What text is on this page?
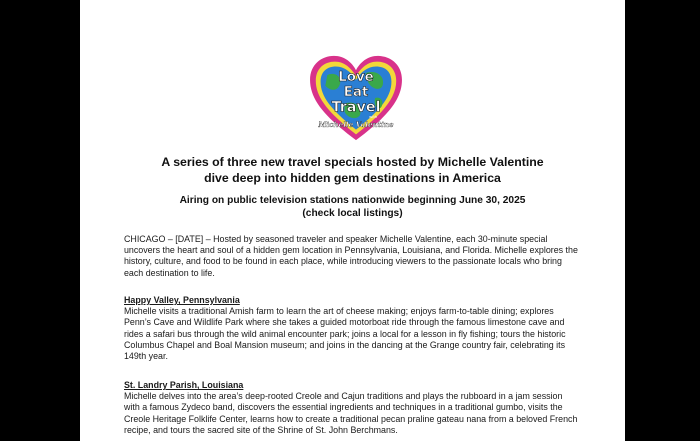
Love
Eat
Travel
with
Michelle Valentine
A series of three new travel specials hosted by Michelle Valentine
dive deep into hidden gem destinations in America
Airing on public television stations nationwide beginning June 30, 2025
(check local listings)
CHICAGO – [DATE] – Hosted by seasoned traveler and speaker Michelle Valentine, each 30-minute special uncovers the heart and soul of a hidden gem location in Pennsylvania, Louisiana, and Florida. Michelle explores the history, culture, and food to be found in each place, while introducing viewers to the passionate locals who bring each destination to life.
Happy Valley, Pennsylvania
Michelle visits a traditional Amish farm to learn the art of cheese making; enjoys farm-to-table dining; explores Penn’s Cave and Wildlife Park where she takes a guided motorboat ride through the famous limestone cave and rides a safari bus through the wild animal encounter park; joins a local for a lesson in fly fishing; tours the historic Columbus Chapel and Boal Mansion museum; and joins in the dancing at the Grange country fair, celebrating its 149th year.
St. Landry Parish, Louisiana
Michelle delves into the area’s deep-rooted Creole and Cajun traditions and plays the rubboard in a jam session with a famous Zydeco band, discovers the essential ingredients and techniques in a traditional gumbo, visits the Creole Heritage Folklife Center, learns how to create a traditional pecan praline gateau nana from a beloved French recipe, and tours the sacred site of the Shrine of St. John Berchmans.
